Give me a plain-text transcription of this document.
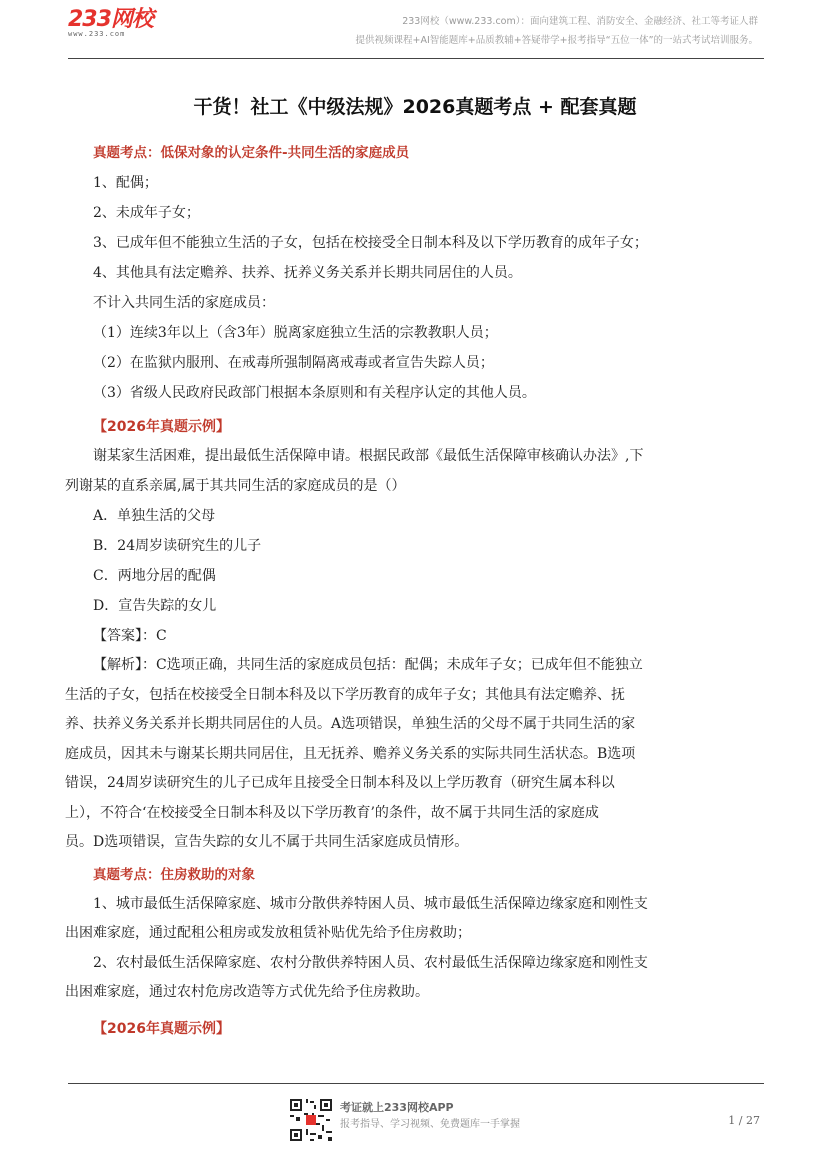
233网校
www.233.com
233网校（www.233.com）：面向建筑工程、消防安全、金融经济、社工等考证人群
提供视频课程+AI智能题库+品质教辅+答疑带学+报考指导“五位一体”的一站式考试培训服务。
干货！社工《中级法规》2026真题考点 + 配套真题
真题考点：低保对象的认定条件-共同生活的家庭成员
1、配偶；
2、未成年子女；
3、已成年但不能独立生活的子女，包括在校接受全日制本科及以下学历教育的成年子女；
4、其他具有法定赡养、扶养、抚养义务关系并长期共同居住的人员。
不计入共同生活的家庭成员：
（1）连续3年以上（含3年）脱离家庭独立生活的宗教教职人员；
（2）在监狱内服刑、在戒毒所强制隔离戒毒或者宣告失踪人员；
（3）省级人民政府民政部门根据本条原则和有关程序认定的其他人员。
【2026年真题示例】
谢某家生活困难，提出最低生活保障申请。根据民政部《最低生活保障审核确认办法》,下
列谢某的直系亲属,属于其共同生活的家庭成员的是（）
A．单独生活的父母
B．24周岁读研究生的儿子
C．两地分居的配偶
D．宣告失踪的女儿
【答案】：C
【解析】：C选项正确，共同生活的家庭成员包括：配偶；未成年子女；已成年但不能独立
生活的子女，包括在校接受全日制本科及以下学历教育的成年子女；其他具有法定赡养、抚
养、扶养义务关系并长期共同居住的人员。A选项错误，单独生活的父母不属于共同生活的家
庭成员，因其未与谢某长期共同居住，且无抚养、赡养义务关系的实际共同生活状态。B选项
错误，24周岁读研究生的儿子已成年且接受全日制本科及以上学历教育（研究生属本科以
上），不符合‘在校接受全日制本科及以下学历教育’的条件，故不属于共同生活的家庭成
员。D选项错误，宣告失踪的女儿不属于共同生活家庭成员情形。
真题考点：住房救助的对象
1、城市最低生活保障家庭、城市分散供养特困人员、城市最低生活保障边缘家庭和刚性支
出困难家庭，通过配租公租房或发放租赁补贴优先给予住房救助；
2、农村最低生活保障家庭、农村分散供养特困人员、农村最低生活保障边缘家庭和刚性支
出困难家庭，通过农村危房改造等方式优先给予住房救助。
【2026年真题示例】
考证就上233网校APP
报考指导、学习视频、免费题库一手掌握	1 / 27
